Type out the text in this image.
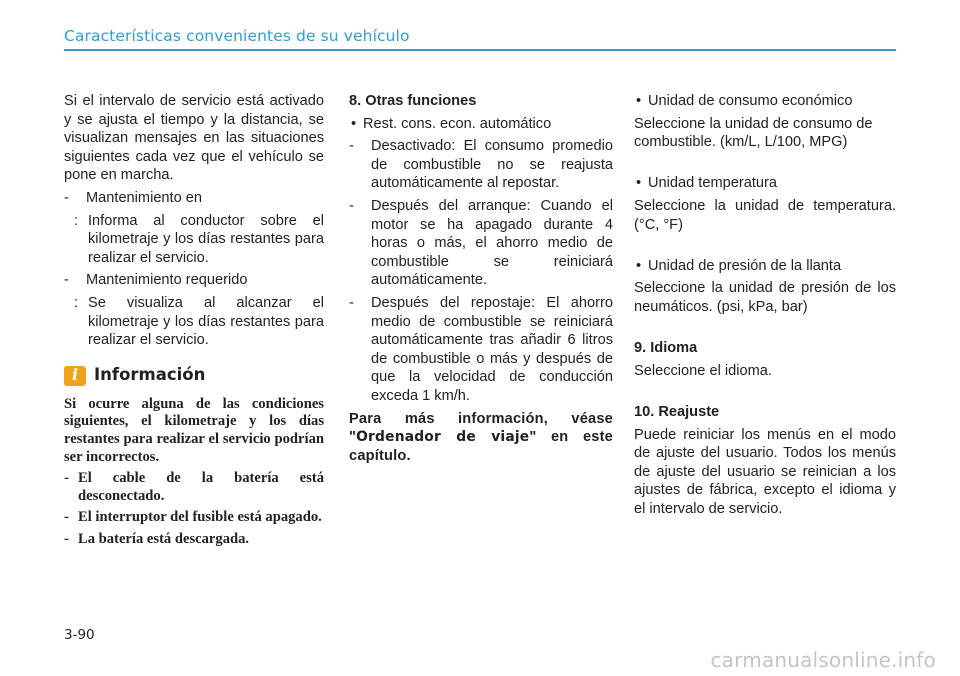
Características convenientes de su vehículo

Si el intervalo de servicio está activado y se ajusta el tiempo y la distancia, se visualizan mensajes en las situaciones siguientes cada vez que el vehículo se pone en marcha.

- Mantenimiento en
: Informa al conductor sobre el kilometraje y los días restantes para realizar el servicio.
- Mantenimiento requerido
: Se visualiza al alcanzar el kilometraje y los días restantes para realizar el servicio.
i Información

Si ocurre alguna de las condiciones siguientes, el kilometraje y los días restantes para realizar el servicio podrían ser incorrectos.

- El cable de la batería está desconectado.
- El interruptor del fusible está apagado.
- La batería está descargada.

8. Otras funciones

• Rest. cons. econ. automático
- Desactivado: El consumo promedio de combustible no se reajusta automáticamente al repostar.
- Después del arranque: Cuando el motor se ha apagado durante 4 horas o más, el ahorro medio de combustible se reiniciará automáticamente.
- Después del repostaje: El ahorro medio de combustible se reiniciará automáticamente tras añadir 6 litros de combustible o más y después de que la velocidad de conducción exceda 1 km/h.

Para más información, véase "Ordenador de viaje" en este capítulo.

• Unidad de consumo económico

Seleccione la unidad de consumo de combustible. (km/L, L/100, MPG)

• Unidad temperatura

Seleccione la unidad de temperatura. (°C, °F)

• Unidad de presión de la llanta

Seleccione la unidad de presión de los neumáticos. (psi, kPa, bar)

9. Idioma

Seleccione el idioma.

10. Reajuste

Puede reiniciar los menús en el modo de ajuste del usuario. Todos los menús de ajuste del usuario se reinician a los ajustes de fábrica, excepto el idioma y el intervalo de servicio.

3-90
carmanualsonline.info
